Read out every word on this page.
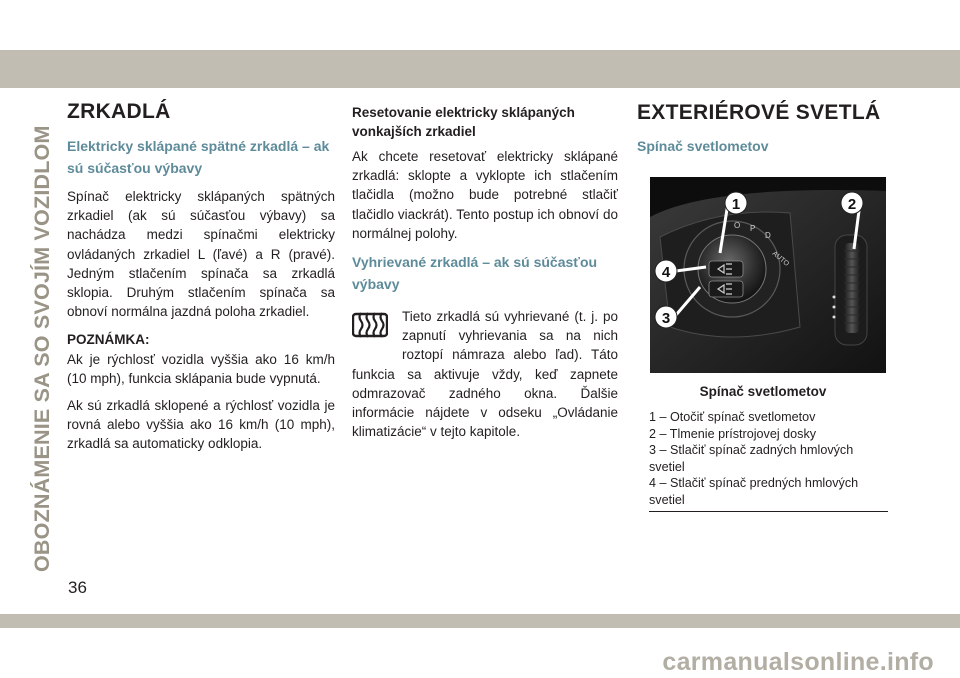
OBOZNÁMENIE SA SO SVOJÍM VOZIDLOM
36
ZRKADLÁ
Elektricky sklápané spätné zrkadlá – ak sú súčasťou výbavy

Spínač elektricky sklápaných spätných zrkadiel (ak sú súčasťou výbavy) sa nachádza medzi spínačmi elektricky ovládaných zrkadiel L (ľavé) a R (pravé). Jedným stlačením spínača sa zrkadlá sklopia. Druhým stlačením spínača sa obnoví normálna jazdná poloha zrkadiel.

POZNÁMKA:

Ak je rýchlosť vozidla vyššia ako 16 km/h (10 mph), funkcia sklápania bude vypnutá.

Ak sú zrkadlá sklopené a rýchlosť vozidla je rovná alebo vyššia ako 16 km/h (10 mph), zrkadlá sa automaticky odklopia.

Resetovanie elektricky sklápaných vonkajších zrkadiel

Ak chcete resetovať elektricky sklápané zrkadlá: sklopte a vyklopte ich stlačením tlačidla (možno bude potrebné stlačiť tlačidlo viackrát). Tento postup ich obnoví do normálnej polohy.

Vyhrievané zrkadlá – ak sú súčasťou výbavy

Tieto zrkadlá sú vyhrievané (t. j. po zapnutí vyhrievania sa na nich roztopí námraza alebo ľad). Táto funkcia sa aktivuje vždy, keď zapnete odmrazovač zadného okna. Ďalšie informácie nájdete v odseku „Ovládanie klimatizácie“ v tejto kapitole.

EXTERIÉROVÉ SVETLÁ
Spínač svetlometov
O P
D
AUTO
1	2
3
4
Spínač svetlometov
1 – Otočiť spínač svetlometov
2 – Tlmenie prístrojovej dosky
3 – Stlačiť spínač zadných hmlových svetiel
4 – Stlačiť spínač predných hmlových svetiel
carmanualsonline.info
